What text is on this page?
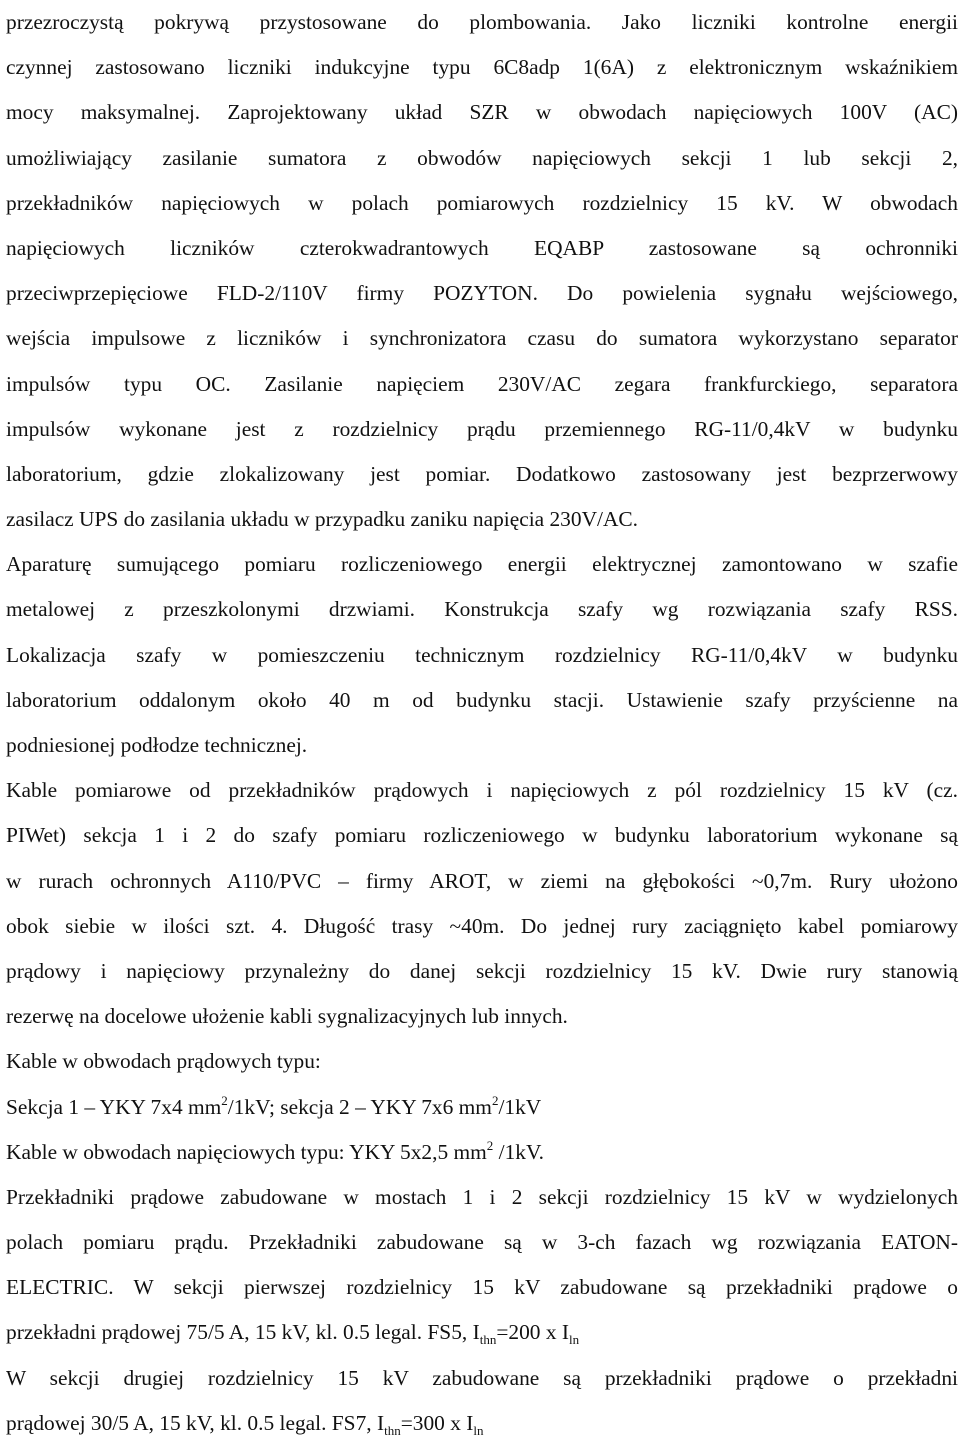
przezroczystą pokrywą przystosowane do plombowania. Jako liczniki kontrolne energii
czynnej zastosowano liczniki indukcyjne typu 6C8adp 1(6A) z elektronicznym wskaźnikiem
mocy maksymalnej. Zaprojektowany układ SZR w obwodach napięciowych 100V (AC)
umożliwiający zasilanie sumatora z obwodów napięciowych sekcji 1 lub sekcji 2,
przekładników napięciowych w polach pomiarowych rozdzielnicy 15 kV. W obwodach
napięciowych liczników czterokwadrantowych EQABP zastosowane są ochronniki
przeciwprzepięciowe FLD-2/110V firmy POZYTON. Do powielenia sygnału wejściowego,
wejścia impulsowe z liczników i synchronizatora czasu do sumatora wykorzystano separator
impulsów typu OC. Zasilanie napięciem 230V/AC zegara frankfurckiego, separatora
impulsów wykonane jest z rozdzielnicy prądu przemiennego RG-11/0,4kV w budynku
laboratorium, gdzie zlokalizowany jest pomiar. Dodatkowo zastosowany jest bezprzerwowy
zasilacz UPS do zasilania układu w przypadku zaniku napięcia 230V/AC.
Aparaturę sumującego pomiaru rozliczeniowego energii elektrycznej zamontowano w szafie
metalowej z przeszkolonymi drzwiami. Konstrukcja szafy wg rozwiązania szafy RSS.
Lokalizacja szafy w pomieszczeniu technicznym rozdzielnicy RG-11/0,4kV w budynku
laboratorium oddalonym około 40 m od budynku stacji. Ustawienie szafy przyścienne na
podniesionej podłodze technicznej.
Kable pomiarowe od przekładników prądowych i napięciowych z pól rozdzielnicy 15 kV (cz.
PIWet) sekcja 1 i 2 do szafy pomiaru rozliczeniowego w budynku laboratorium wykonane są
w rurach ochronnych A110/PVC – firmy AROT, w ziemi na głębokości ~0,7m. Rury ułożono
obok siebie w ilości szt. 4. Długość trasy ~40m. Do jednej rury zaciągnięto kabel pomiarowy
prądowy i napięciowy przynależny do danej sekcji rozdzielnicy 15 kV. Dwie rury stanowią
rezerwę na docelowe ułożenie kabli sygnalizacyjnych lub innych.
Kable w obwodach prądowych typu:
Sekcja 1 – YKY 7x4 $mm^2/1kV$; sekcja 2 – YKY 7x6 $mm^2/1kV$
Kable w obwodach napięciowych typu: YKY 5x2,5 $mm^2$ /1kV.
Przekładniki prądowe zabudowane w mostach 1 i 2 sekcji rozdzielnicy 15 kV w wydzielonych
polach pomiaru prądu. Przekładniki zabudowane są w 3-ch fazach wg rozwiązania EATON-
ELECTRIC. W sekcji pierwszej rozdzielnicy 15 kV zabudowane są przekładniki prądowe o
przekładni prądowej 75/5 A, 15 kV, kl. 0.5 legal. FS5, $I_{thn}=200$ x $I_{ln}$
W sekcji drugiej rozdzielnicy 15 kV zabudowane są przekładniki prądowe o przekładni
prądowej 30/5 A, 15 kV, kl. 0.5 legal. FS7, $I_{thn}=300$ x $I_{ln}$
